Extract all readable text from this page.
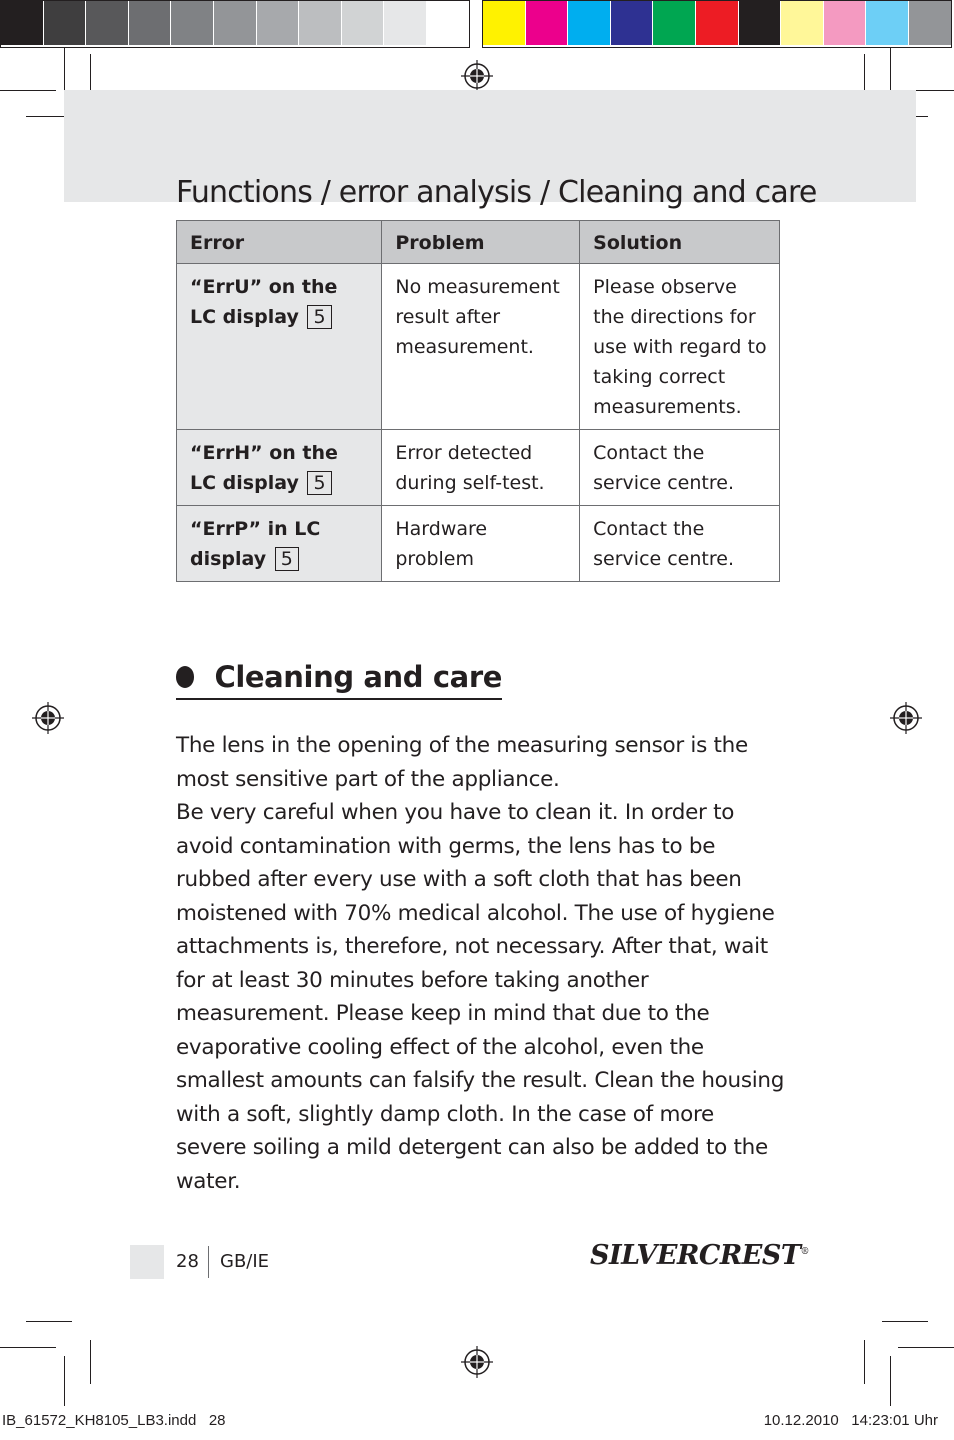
Functions / error analysis / Cleaning and care
Error	Problem	Solution
“ErrU” on the LC display 5	No measurement result after measurement.	Please observe the directions for use with regard to taking correct measurements.
“ErrH” on the LC display 5	Error detected during self-test.	Contact the service centre.
“ErrP” in LC display 5	Hardware problem	Contact the service centre.
Cleaning and care

The lens in the opening of the measuring sensor is the most sensitive part of the appliance.

Be very careful when you have to clean it. In order to avoid contamination with germs, the lens has to be rubbed after every use with a soft cloth that has been moistened with 70% medical alcohol. The use of hygiene attachments is, therefore, not necessary. After that, wait for at least 30 minutes before taking another measurement. Please keep in mind that due to the evaporative cooling effect of the alcohol, even the smallest amounts can falsify the result. Clean the housing with a soft, slightly damp cloth. In the case of more severe soiling a mild detergent can also be added to the water.

28 GB/IE	SILVERCREST®
IB_61572_KH8105_LB3.indd   28	10.12.2010   14:23:01 Uhr
